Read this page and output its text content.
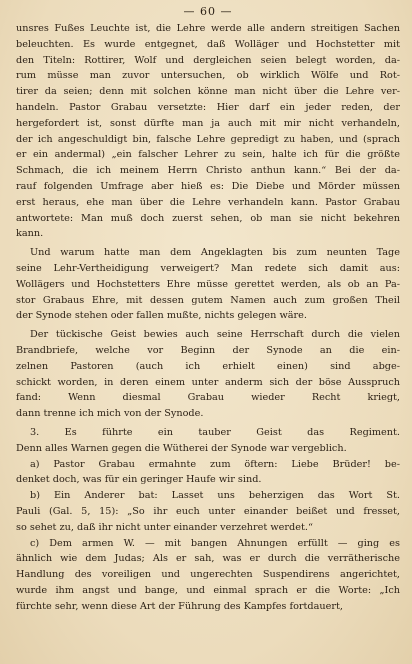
— 60 —
unsres Fußes Leuchte ist, die Lehre werde alle andern streitigen Sachen
beleuchten. Es wurde entgegnet, daß Wolläger und Hochstetter mit
den Titeln: Rottirer, Wolf und dergleichen seien belegt worden, da-
rum müsse man zuvor untersuchen, ob wirklich Wölfe und Rot-
tirer da seien; denn mit solchen könne man nicht über die Lehre ver-
handeln. Pastor Grabau versetzte: Hier darf ein jeder reden, der
hergefordert ist, sonst dürfte man ja auch mit mir nicht verhandeln,
der ich angeschuldigt bin, falsche Lehre gepredigt zu haben, und (sprach
er ein andermal) „ein falscher Lehrer zu sein, halte ich für die größte
Schmach, die ich meinem Herrn Christo anthun kann.“ Bei der da-
rauf folgenden Umfrage aber hieß es: Die Diebe und Mörder müssen
erst heraus, ehe man über die Lehre verhandeln kann. Pastor Grabau
antwortete: Man muß doch zuerst sehen, ob man sie nicht bekehren
kann.
Und warum hatte man dem Angeklagten bis zum neunten Tage
seine Lehr-Vertheidigung verweigert? Man redete sich damit aus:
Wollägers und Hochstetters Ehre müsse gerettet werden, als ob an Pa-
stor Grabaus Ehre, mit dessen gutem Namen auch zum großen Theil
der Synode stehen oder fallen mußte, nichts gelegen wäre.
Der tückische Geist bewies auch seine Herrschaft durch die vielen
Brandbriefe, welche vor Beginn der Synode an die ein-
zelnen Pastoren (auch ich erhielt einen) sind abge-
schickt worden, in deren einem unter anderm sich der böse Ausspruch
fand: Wenn diesmal Grabau wieder Recht kriegt,
dann trenne ich mich von der Synode.
3. Es führte ein tauber Geist das Regiment.
Denn alles Warnen gegen die Wütherei der Synode war vergeblich.
a) Pastor Grabau ermahnte zum öftern: Liebe Brüder! be-
denket doch, was für ein geringer Haufe wir sind.
b) Ein Anderer bat: Lasset uns beherzigen das Wort St.
Pauli (Gal. 5, 15): „So ihr euch unter einander beißet und fresset,
so sehet zu, daß ihr nicht unter einander verzehret werdet.“
c) Dem armen W. — mit bangen Ahnungen erfüllt — ging es
ähnlich wie dem Judas; Als er sah, was er durch die verrätherische
Handlung des voreiligen und ungerechten Suspendirens angerichtet,
wurde ihm angst und bange, und einmal sprach er die Worte: „Ich
fürchte sehr, wenn diese Art der Führung des Kampfes fortdauert,
